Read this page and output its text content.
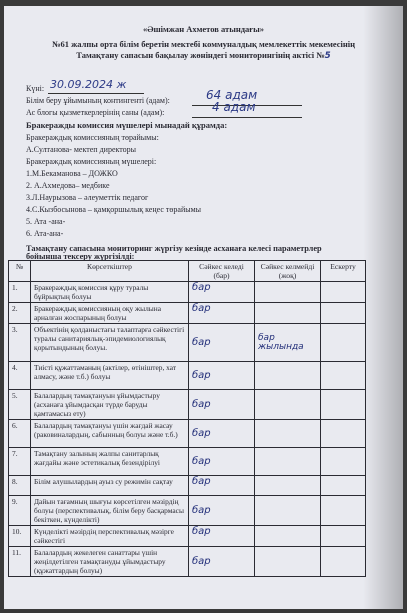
«Әшімжан Ахметов атындағы»
№61 жалпы орта білім беретін мектебі коммуналдық мемлекеттік мекемесінің
Тамақтану сапасын бақылау жөніндегі мониторингінің актісі №5
Күні: 30.09.2024 ж
Білім беру ұйымының контингенті (адам):	64 адам
Ас блогы қызметкерлерінің саны (адам):	4 адам
Бракеражды комиссия мүшелері мынадай құрамда:
Бракераждық комиссияның төрайымы:
А.Султанова- мектеп директоры
Бракераждық комиссияның мүшелері:
1.М.Бекаманова – ДОЖКО
2. А.Ахмедова– медбике
3.Л.Наурызова – әлеуметтік педагог
4.С.Кызбосынова – қамқоршылық кеңес төрайымы
5. Ата -ана-
6. Ата-ана-
Тамақтану сапасына мониторинг жүргізу кезінде асханаға келесі параметрлер
бойынша тексеру жүргізілді:
№	Көрсеткіштер	Сәйкес келеді (бар)	Сәйкес келмейді (жоқ)	Ескерту
1.	Бракераждық комиссия құру туралы бұйрықтың болуы	бар		
2.	Бракераждық комиссияның оқу жылына арналған жоспарының болуы	бар		
3.	Объектінің қолданыстағы талаптарға сәйкестігі туралы санитариялық-эпидемиологиялық қорытындының болуы.	бар	бар жылында	
4.	Тиісті құжаттаманың (актілер, өтініштер, хат алмасу, және т.б.) болуы	бар		
5.	Балалардың тамақтануын ұйымдастыру (асханаға ұйымдасқан түрде баруды қамтамасыз ету)	бар		
6.	Балалардың тамақтануы үшін жағдай жасау (раковиналардың, сабынның болуы және т.б.)	бар		
7.	Тамақтану залының жалпы санитарлық жағдайы және эстетикалық безендірілуі	бар		
8.	Білім алушылардың ауыз су режимін сақтау	бар		
9.	Дайын тағамның шығуы көрсетілген мәзірдің болуы (перспективалық, білім беру басқармасы бекіткен, күнделікті)	бар		
10.	Күнделікті мәзірдің перспективалық мәзірге сәйкестігі	бар		
11.	Балалардың жекелеген санаттары үшін жеңілдетілген тамақтануды ұйымдастыру (құжаттардың болуы)	бар		
